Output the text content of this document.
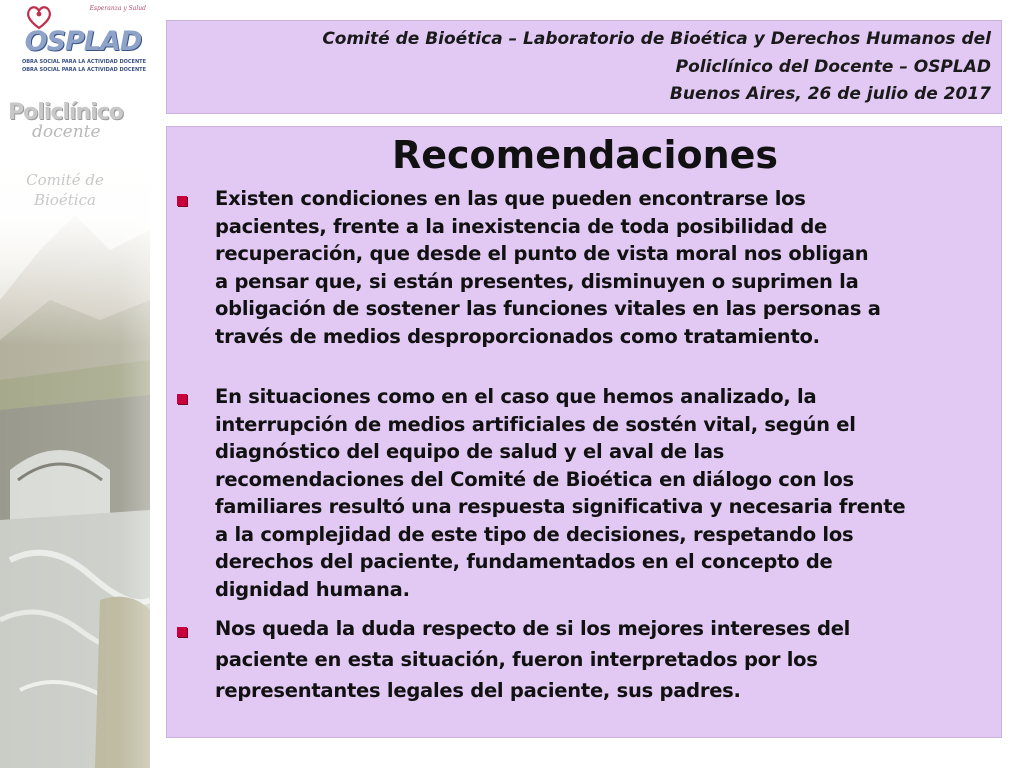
Esperanza y Salud
OSPLAD
OBRA SOCIAL PARA LA ACTIVIDAD DOCENTE
OBRA SOCIAL PARA LA ACTIVIDAD DOCENTE
Policlínico
docente
Comité de
Bioética
Comité de Bioética – Laboratorio de Bioética y Derechos Humanos del
Policlínico del Docente – OSPLAD
Buenos Aires, 26 de julio de 2017
Recomendaciones
Existen condiciones en las que pueden encontrarse los
pacientes, frente a la inexistencia de toda posibilidad de
recuperación, que desde el punto de vista moral nos obligan
a pensar que, si están presentes, disminuyen o suprimen la
obligación de sostener las funciones vitales en las personas a
través de medios desproporcionados como tratamiento.
En situaciones como en el caso que hemos analizado, la
interrupción de medios artificiales de sostén vital, según el
diagnóstico del equipo de salud y el aval de las
recomendaciones del Comité de Bioética en diálogo con los
familiares resultó una respuesta significativa y necesaria frente
a la complejidad de este tipo de decisiones, respetando los
derechos del paciente, fundamentados en el concepto de
dignidad humana.
Nos queda la duda respecto de si los mejores intereses del
paciente en esta situación, fueron interpretados por los
representantes legales del paciente, sus padres.
